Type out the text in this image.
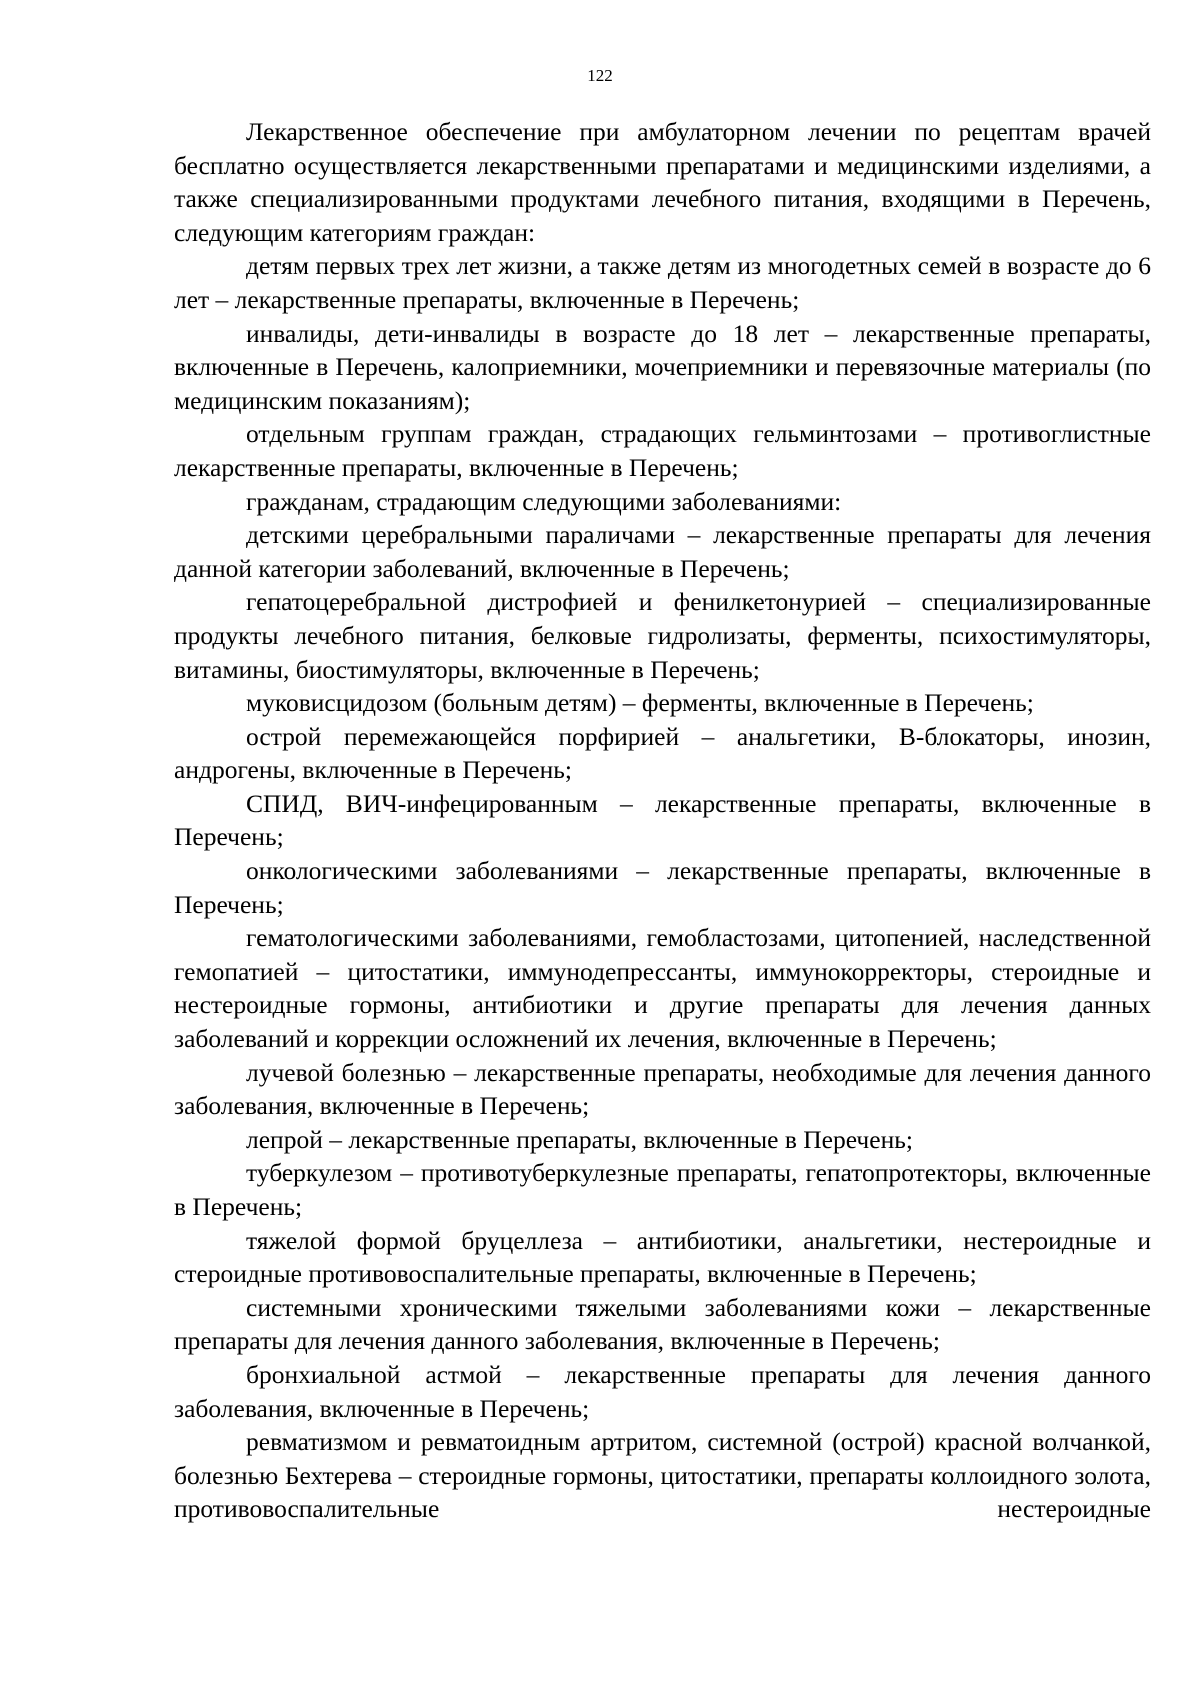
122

Лекарственное обеспечение при амбулаторном лечении по рецептам врачей бесплатно осуществляется лекарственными препаратами и медицинскими изделиями, а также специализированными продуктами лечебного питания, входящими в Перечень, следующим категориям граждан:

детям первых трех лет жизни, а также детям из многодетных семей в возрасте до 6 лет – лекарственные препараты, включенные в Перечень;

инвалиды, дети-инвалиды в возрасте до 18 лет – лекарственные препараты, включенные в Перечень, калоприемники, мочеприемники и перевязочные материалы (по медицинским показаниям);

отдельным группам граждан, страдающих гельминтозами – противоглистные лекарственные препараты, включенные в Перечень;

гражданам, страдающим следующими заболеваниями:

детскими церебральными параличами – лекарственные препараты для лечения данной категории заболеваний, включенные в Перечень;

гепатоцеребральной дистрофией и фенилкетонурией – специализированные продукты лечебного питания, белковые гидролизаты, ферменты, психостимуляторы, витамины, биостимуляторы, включенные в Перечень;

муковисцидозом (больным детям) – ферменты, включенные в Перечень;

острой перемежающейся порфирией – анальгетики, B-блокаторы, инозин, андрогены, включенные в Перечень;

СПИД, ВИЧ-инфецированным – лекарственные препараты, включенные в Перечень;

онкологическими заболеваниями – лекарственные препараты, включенные в Перечень;

гематологическими заболеваниями, гемобластозами, цитопенией, наследственной гемопатией – цитостатики, иммунодепрессанты, иммунокорректоры, стероидные и нестероидные гормоны, антибиотики и другие препараты для лечения данных заболеваний и коррекции осложнений их лечения, включенные в Перечень;

лучевой болезнью – лекарственные препараты, необходимые для лечения данного заболевания, включенные в Перечень;

лепрой – лекарственные препараты, включенные в Перечень;

туберкулезом – противотуберкулезные препараты, гепатопротекторы, включенные в Перечень;

тяжелой формой бруцеллеза – антибиотики, анальгетики, нестероидные и стероидные противовоспалительные препараты, включенные в Перечень;

системными хроническими тяжелыми заболеваниями кожи – лекарственные препараты для лечения данного заболевания, включенные в Перечень;

бронхиальной астмой – лекарственные препараты для лечения данного заболевания, включенные в Перечень;

ревматизмом и ревматоидным артритом, системной (острой) красной волчанкой, болезнью Бехтерева – стероидные гормоны, цитостатики, препараты коллоидного золота, противовоспалительные нестероидные
